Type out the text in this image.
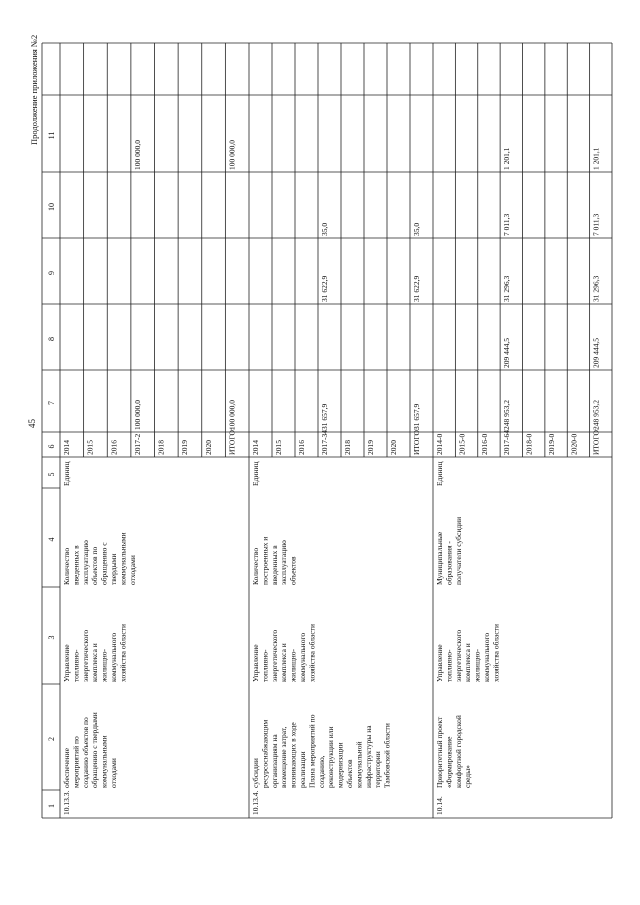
45
Продолжение приложения №2
1
2
3
4
5
6
7
8
9
10
11
10.13.3.
обеспечение мероприятий по созданию объектов по обращению с твердыми коммунальными отходами
Управление топливно- энергетического комплекса и жилищно- коммунального хозяйства области
Количество введенных в эксплуатацию объектов по обращению с твердыми коммунальными отходами
Единиц
2014 2015 2016 2017-2
100 000,0
100 000,0
2018 2019 2020 ИТОГО:
100 000,0
100 000,0
10.13.4.
субсидии ресурсоснабжающим организациям на возмещение затрат, возникающих в ходе реализации Плана мероприятий по созданию, реконструкции или модернизации объектов коммунальной инфраструктуры на территории Тамбовской области
Управление топливно- энергетического комплекса и жилищно- коммунального хозяйства области
Количество построенных и введенных в эксплуатацию объектов
Единиц
2014 2015 2016 2017-34
31 657,9
31 622,9
35,0
2018 2019 2020 ИТОГО:
31 657,9
31 622,9
35,0
10.14.
Приоритетный проект «Формирование комфортной городской среды»
Управление топливно- энергетического комплекса и жилищно- коммунального хозяйства области
Муниципальные образования - получатели субсидии
Единиц
2014-0 2015-0 2016-0 2017-64
248 953,2
209 444,5
31 296,3
7 011,3
1 201,1
2018-0 2019-0 2020-0 ИТОГО:
248 953,2
209 444,5
31 296,3
7 011,3
1 201,1
